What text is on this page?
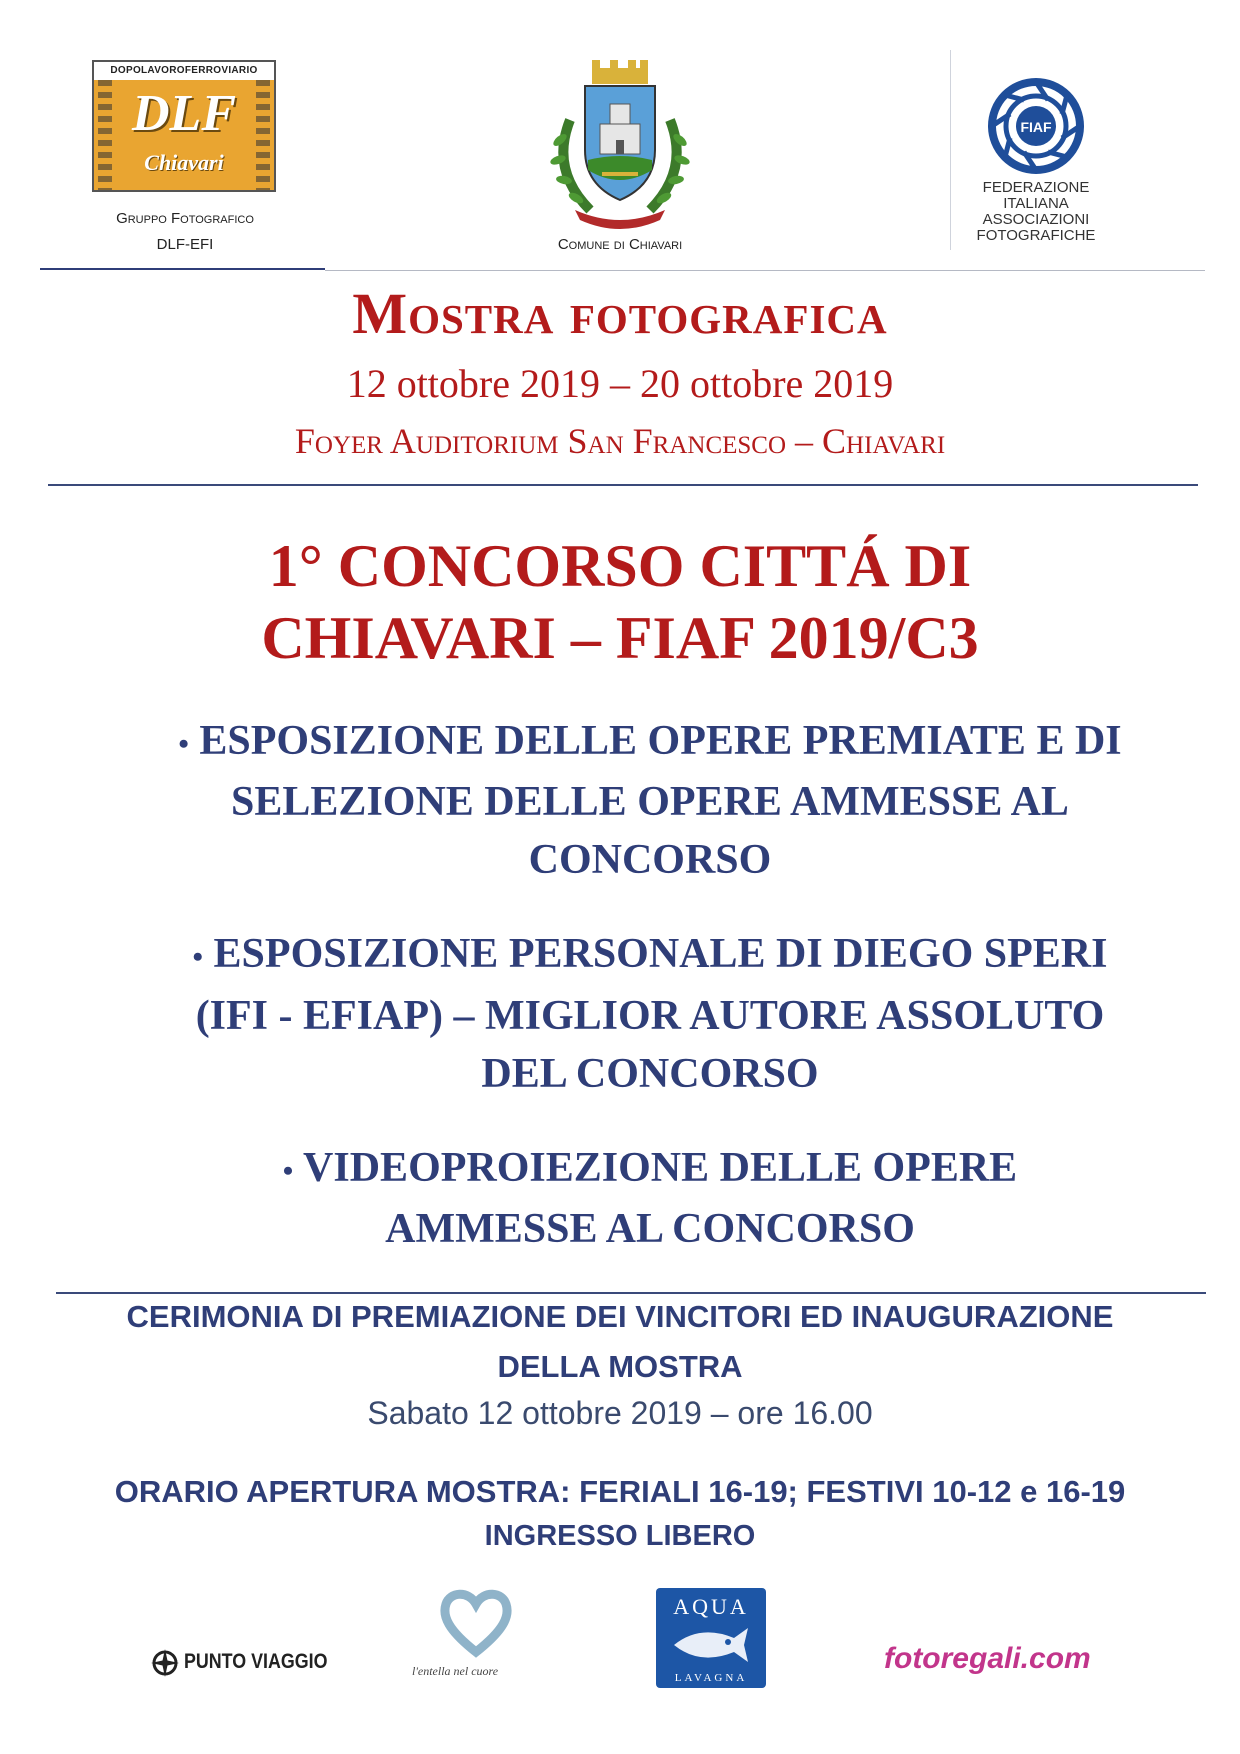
DOPOLAVOROFERROVIARIO
DLF
Chiavari
Gruppo Fotografico
DLF-EFI	Comune di Chiavari
FIAF
FEDERAZIONE
ITALIANA
ASSOCIAZIONI
FOTOGRAFICHE
Mostra fotografica
12 ottobre 2019 – 20 ottobre 2019
Foyer Auditorium San Francesco – Chiavari
1° CONCORSO CITTÁ DI
CHIAVARI – FIAF 2019/C3
• ESPOSIZIONE DELLE OPERE PREMIATE E DI SELEZIONE DELLE OPERE AMMESSE AL CONCORSO
• ESPOSIZIONE PERSONALE DI DIEGO SPERI (IFI - EFIAP) – MIGLIOR AUTORE ASSOLUTO DEL CONCORSO
• VIDEOPROIEZIONE DELLE OPERE AMMESSE AL CONCORSO
CERIMONIA DI PREMIAZIONE DEI VINCITORI ED INAUGURAZIONE
DELLA MOSTRA
Sabato 12 ottobre 2019 – ore 16.00
ORARIO APERTURA MOSTRA: FERIALI 16-19; FESTIVI 10-12 e 16-19
INGRESSO LIBERO
PUNTO VIAGGIO	l'entella nel cuore
AQUA
LAVAGNA
fotoregali.com
